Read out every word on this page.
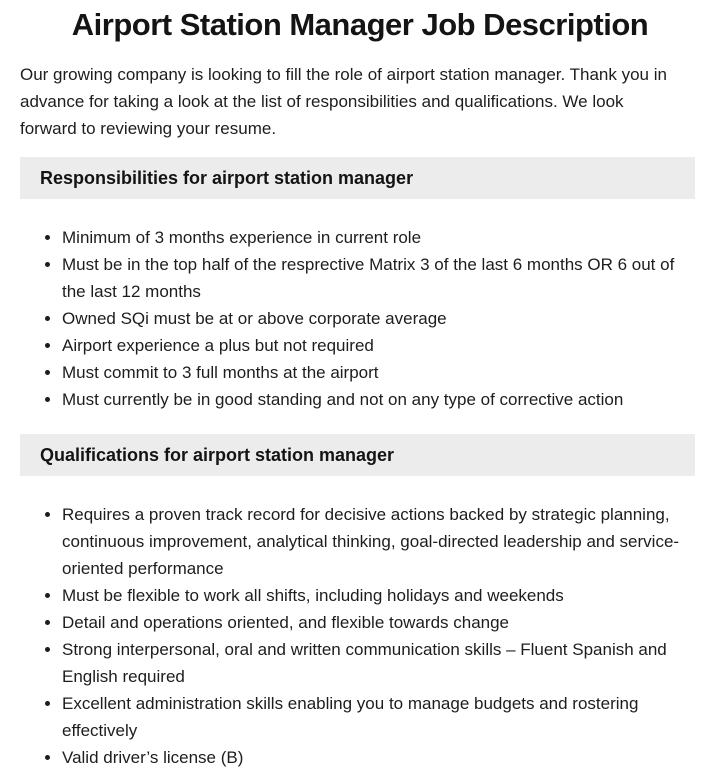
Airport Station Manager Job Description

Our growing company is looking to fill the role of airport station manager. Thank you in advance for taking a look at the list of responsibilities and qualifications. We look forward to reviewing your resume.

Responsibilities for airport station manager
• Minimum of 3 months experience in current role
• Must be in the top half of the resprective Matrix 3 of the last 6 months OR 6 out of the last 12 months
• Owned SQi must be at or above corporate average
• Airport experience a plus but not required
• Must commit to 3 full months at the airport
• Must currently be in good standing and not on any type of corrective action
Qualifications for airport station manager
• Requires a proven track record for decisive actions backed by strategic planning, continuous improvement, analytical thinking, goal-directed leadership and service-oriented performance
• Must be flexible to work all shifts, including holidays and weekends
• Detail and operations oriented, and flexible towards change
• Strong interpersonal, oral and written communication skills – Fluent Spanish and English required
• Excellent administration skills enabling you to manage budgets and rostering effectively
• Valid driver’s license (B)
